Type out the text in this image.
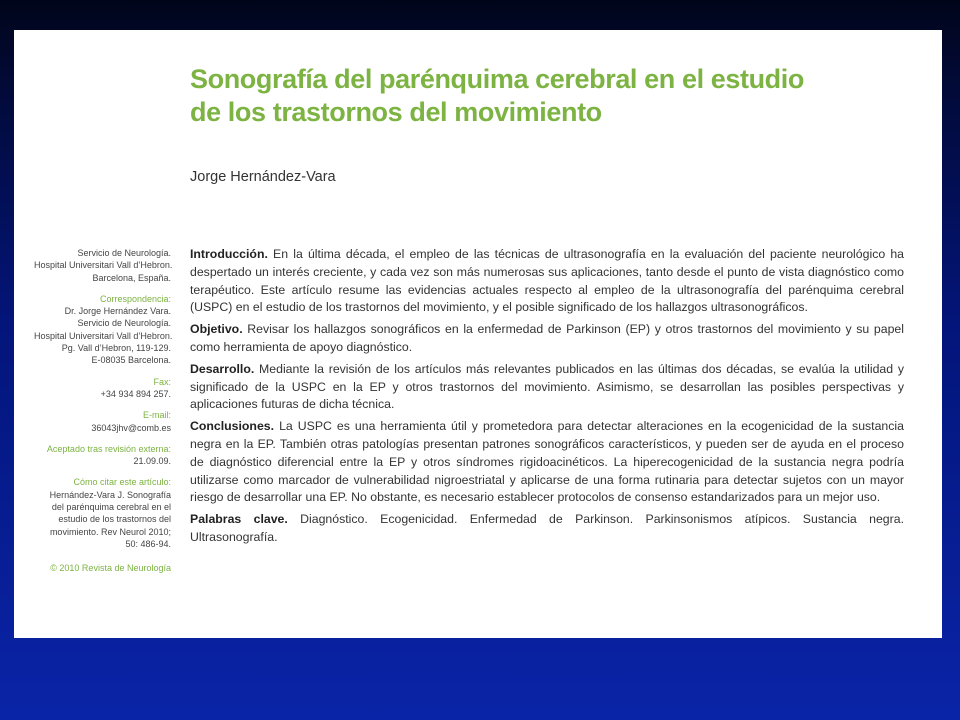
Sonografía del parénquima cerebral en el estudio
de los trastornos del movimiento
Jorge Hernández-Vara
Servicio de Neurología.
Hospital Universitari Vall d’Hebron.
Barcelona, España.
Correspondencia:
Dr. Jorge Hernández Vara.
Servicio de Neurología.
Hospital Universitari Vall d’Hebron.
Pg. Vall d’Hebron, 119-129.
E-08035 Barcelona.
Fax:
+34 934 894 257.
E-mail:
36043jhv@comb.es
Aceptado tras revisión externa:
21.09.09.
Cómo citar este artículo:
Hernández-Vara J. Sonografía
del parénquima cerebral en el
estudio de los trastornos del
movimiento. Rev Neurol 2010;
50: 486-94.
© 2010 Revista de Neurología

Introducción. En la última década, el empleo de las técnicas de ultrasonografía en la evaluación del paciente neurológico ha despertado un interés creciente, y cada vez son más numerosas sus aplicaciones, tanto desde el punto de vista diagnóstico como terapéutico. Este artículo resume las evidencias actuales respecto al empleo de la ultrasonografía del parénquima cerebral (USPC) en el estudio de los trastornos del movimiento, y el posible significado de los hallazgos ultrasonográficos.

Objetivo. Revisar los hallazgos sonográficos en la enfermedad de Parkinson (EP) y otros trastornos del movimiento y su papel como herramienta de apoyo diagnóstico.

Desarrollo. Mediante la revisión de los artículos más relevantes publicados en las últimas dos décadas, se evalúa la utilidad y significado de la USPC en la EP y otros trastornos del movimiento. Asimismo, se desarrollan las posibles perspectivas y aplicaciones futuras de dicha técnica.

Conclusiones. La USPC es una herramienta útil y prometedora para detectar alteraciones en la ecogenicidad de la sustancia negra en la EP. También otras patologías presentan patrones sonográficos característicos, y pueden ser de ayuda en el proceso de diagnóstico diferencial entre la EP y otros síndromes rigidoacinéticos. La hiperecogenicidad de la sustancia negra podría utilizarse como marcador de vulnerabilidad nigroestriatal y aplicarse de una forma rutinaria para detectar sujetos con un mayor riesgo de desarrollar una EP. No obstante, es necesario establecer protocolos de consenso estandarizados para un mejor uso.

Palabras clave. Diagnóstico. Ecogenicidad. Enfermedad de Parkinson. Parkinsonismos atípicos. Sustancia negra. Ultrasonografía.
